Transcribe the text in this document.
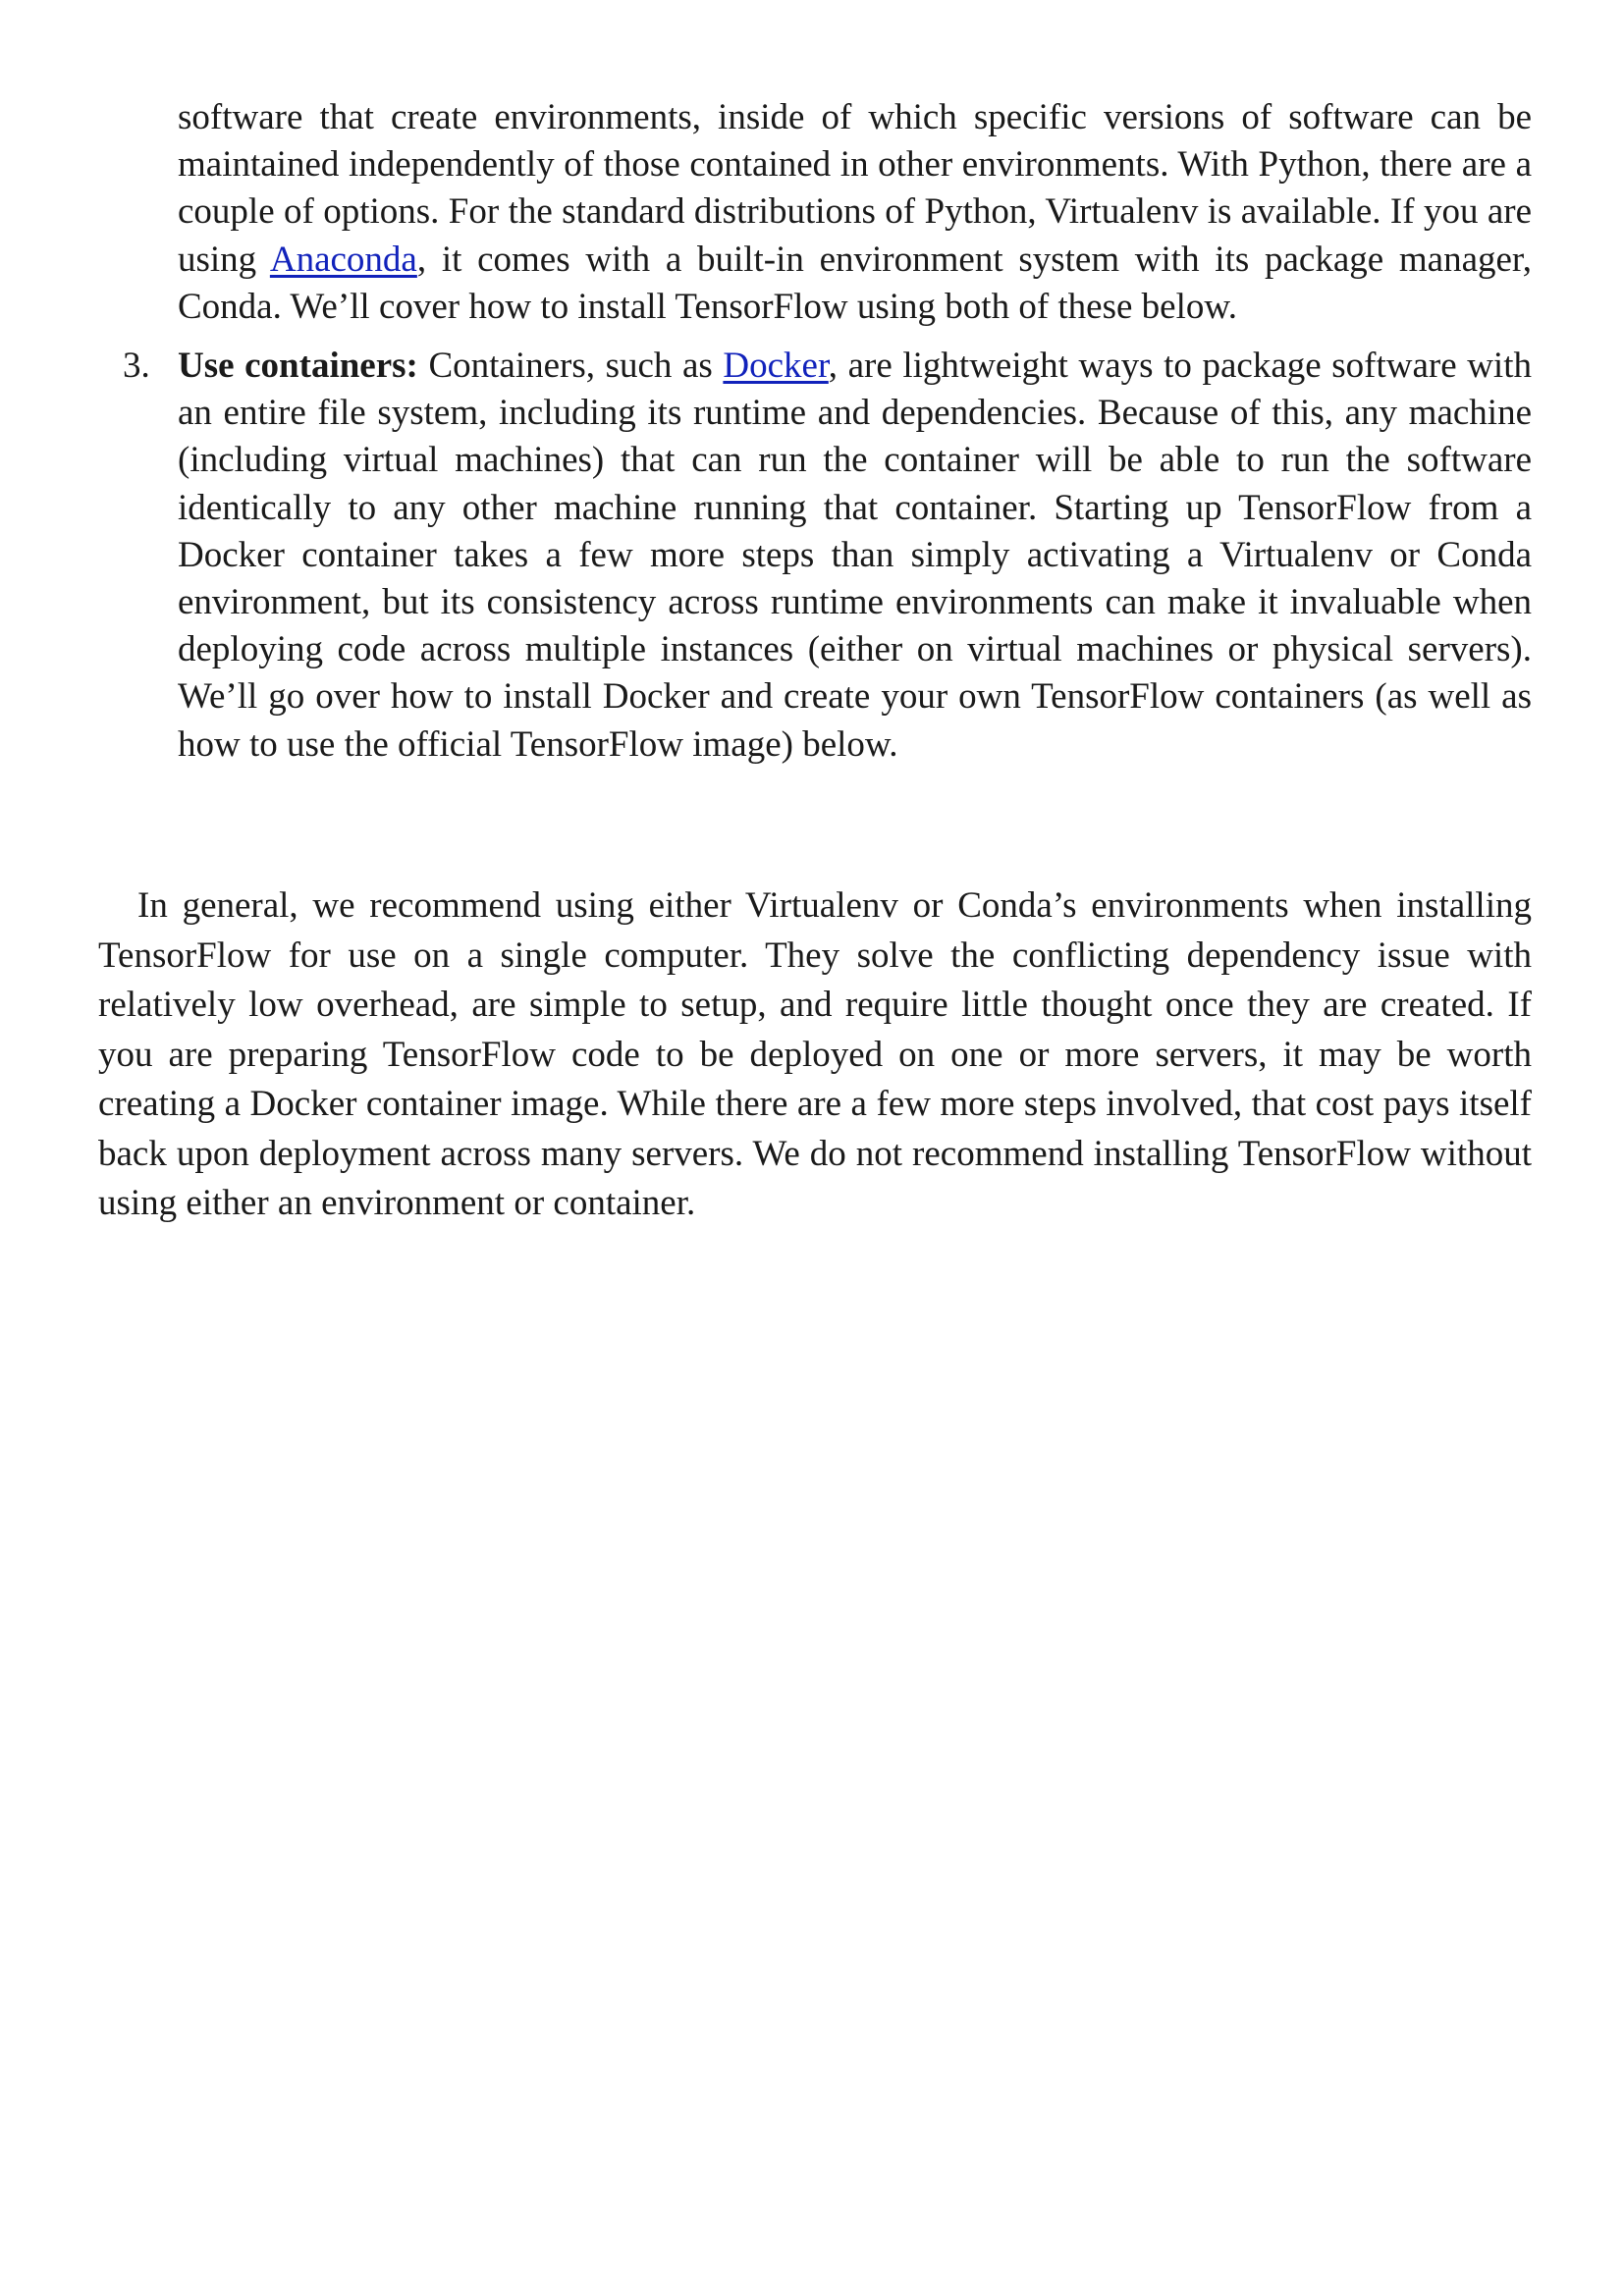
software that create environments, inside of which specific versions of software can be maintained independently of those contained in other environments. With Python, there are a couple of options. For the standard distributions of Python, Virtualenv is available. If you are using Anaconda, it comes with a built-in environment system with its package manager, Conda. We’ll cover how to install TensorFlow using both of these below.

3. Use containers: Containers, such as Docker, are lightweight ways to package software with an entire file system, including its runtime and dependencies. Because of this, any machine (including virtual machines) that can run the container will be able to run the software identically to any other machine running that container. Starting up TensorFlow from a Docker container takes a few more steps than simply activating a Virtualenv or Conda environment, but its consistency across runtime environments can make it invaluable when deploying code across multiple instances (either on virtual machines or physical servers). We’ll go over how to install Docker and create your own TensorFlow containers (as well as how to use the official TensorFlow image) below.

In general, we recommend using either Virtualenv or Conda’s environments when installing TensorFlow for use on a single computer. They solve the conflicting dependency issue with relatively low overhead, are simple to setup, and require little thought once they are created. If you are preparing TensorFlow code to be deployed on one or more servers, it may be worth creating a Docker container image. While there are a few more steps involved, that cost pays itself back upon deployment across many servers. We do not recommend installing TensorFlow without using either an environment or container.
